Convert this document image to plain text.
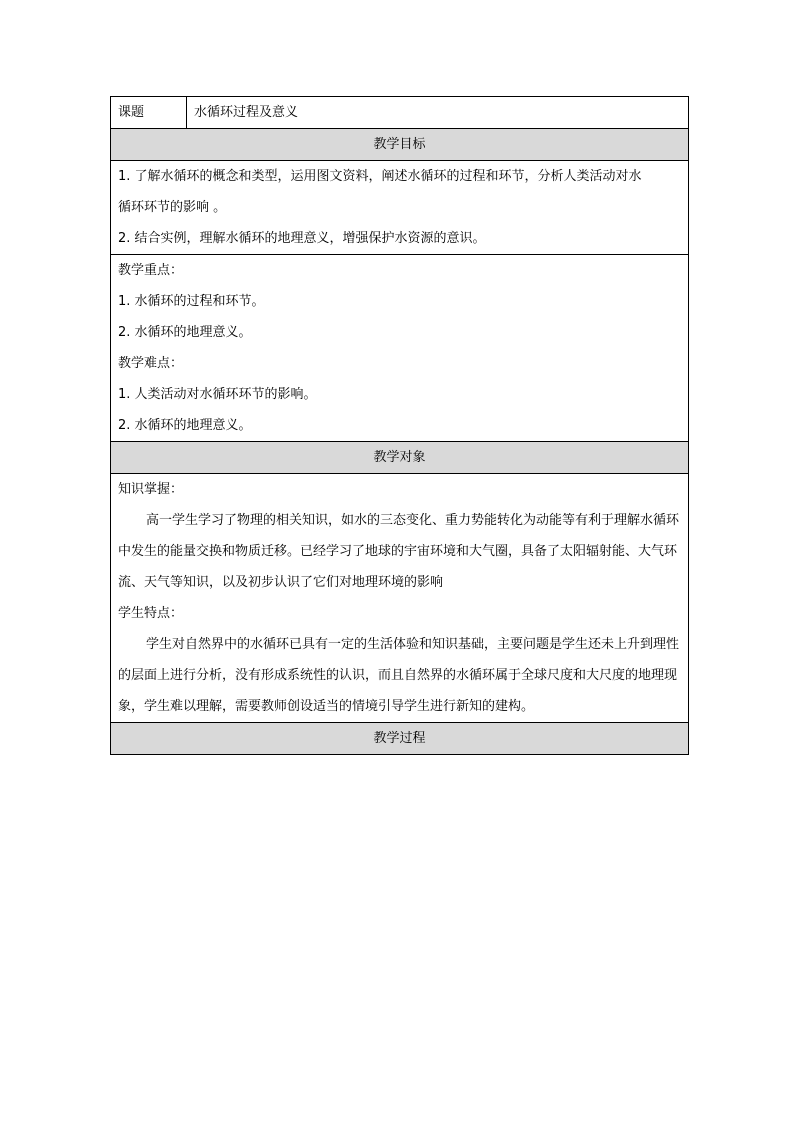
课题	水循环过程及意义
教学目标

1. 了解水循环的概念和类型，运用图文资料，阐述水循环的过程和环节，分析人类活动对水
循环环节的影响 。
2. 结合实例，理解水循环的地理意义，增强保护水资源的意识。

教学重点：
1. 水循环的过程和环节。
2. 水循环的地理意义。
教学难点：
1. 人类活动对水循环环节的影响。
2. 水循环的地理意义。

教学对象

知识掌握：
高一学生学习了物理的相关知识，如水的三态变化、重力势能转化为动能等有利于理解水循环中发生的能量交换和物质迁移。已经学习了地球的宇宙环境和大气圈，具备了太阳辐射能、大气环流、天气等知识，以及初步认识了它们对地理环境的影响
学生特点：
学生对自然界中的水循环已具有一定的生活体验和知识基础，主要问题是学生还未上升到理性的层面上进行分析，没有形成系统性的认识，而且自然界的水循环属于全球尺度和大尺度的地理现象，学生难以理解，需要教师创设适当的情境引导学生进行新知的建构。

教学过程
